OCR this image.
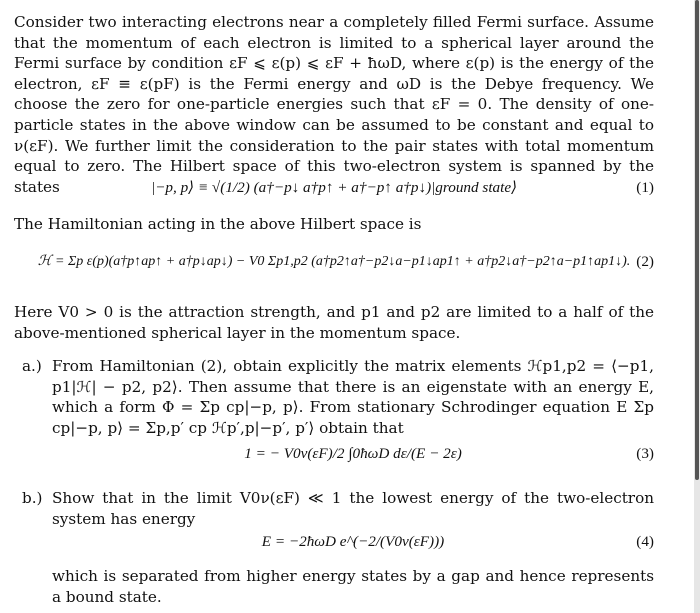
Consider two interacting electrons near a completely filled Fermi surface. Assume that the momentum of each electron is limited to a spherical layer around the Fermi surface by condition εF ⩽ ε(p) ⩽ εF + ħωD, where ε(p) is the energy of the electron, εF ≡ ε(pF) is the Fermi energy and ωD is the Debye frequency. We choose the zero for one-particle energies such that εF = 0. The density of one-particle states in the above window can be assumed to be constant and equal to ν(εF). We further limit the consideration to the pair states with total momentum equal to zero. The Hilbert space of this two-electron system is spanned by the states	|−p, p⟩ ≡ √(1/2) (a†−p↓ a†p↑ + a†−p↑ a†p↓)|ground state⟩	(1)
The Hamiltonian acting in the above Hilbert space is
ℋ = Σp ε(p)(a†p↑ap↑ + a†p↓ap↓) − V0 Σp1,p2 (a†p2↑a†−p2↓a−p1↓ap1↑ + a†p2↓a†−p2↑a−p1↑ap1↓). (2)
Here V0 > 0 is the attraction strength, and p1 and p2 are limited to a half of the above-mentioned spherical layer in the momentum space.
a.) From Hamiltonian (2), obtain explicitly the matrix elements ℋp1,p2 = ⟨−p1, p1|ℋ| − p2, p2⟩. Then assume that there is an eigenstate with an energy E, which a form Φ = Σp cp|−p, p⟩. From stationary Schrodinger equation E Σp cp|−p, p⟩ = Σp,p′ cp ℋp′,p|−p′, p′⟩ obtain that
1 = − V0ν(εF)/2 ∫0ħωD dε/(E − 2ε)	(3)
b.) Show that in the limit V0ν(εF) ≪ 1 the lowest energy of the two-electron system has energy
E = −2ħωD e^(−2/(V0ν(εF)))	(4)
which is separated from higher energy states by a gap and hence represents a bound state.
